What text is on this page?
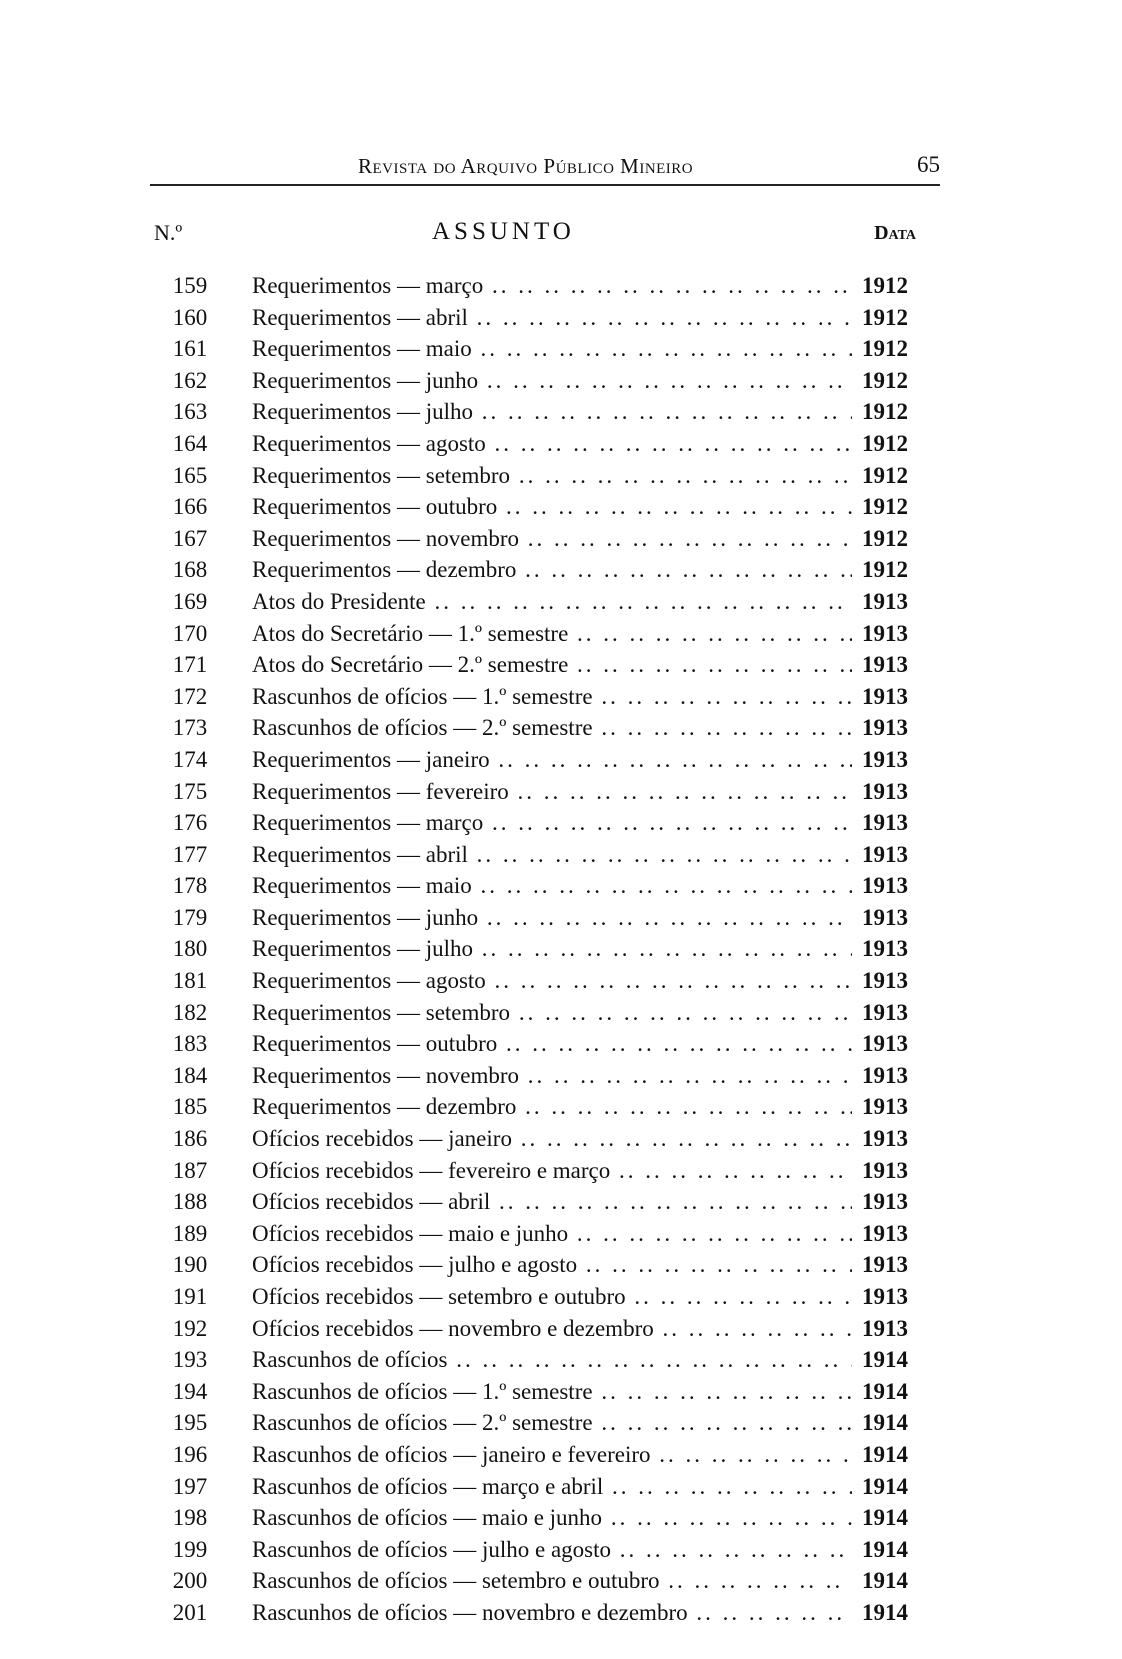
Revista do Arquivo Público Mineiro	65
N.º	ASSUNTO	Data
159 Requerimentos — março .. ..	1912
160 Requerimentos — abril .. ..	1912
161 Requerimentos — maio .. ..	1912
162 Requerimentos — junho .. ..	1912
163 Requerimentos — julho .. ..	1912
164 Requerimentos — agosto .. ..	1912
165 Requerimentos — setembro .. ..	1912
166 Requerimentos — outubro .. ..	1912
167 Requerimentos — novembro .. ..	1912
168 Requerimentos — dezembro .. ..	1912
169 Atos do Presidente .. ..	1913
170 Atos do Secretário — 1.º semestre .. ..	1913
171 Atos do Secretário — 2.º semestre .. ..	1913
172 Rascunhos de ofícios — 1.º semestre .. ..	1913
173 Rascunhos de ofícios — 2.º semestre .. ..	1913
174 Requerimentos — janeiro .. ..	1913
175 Requerimentos — fevereiro .. ..	1913
176 Requerimentos — março .. ..	1913
177 Requerimentos — abril .. ..	1913
178 Requerimentos — maio .. ..	1913
179 Requerimentos — junho .. ..	1913
180 Requerimentos — julho .. ..	1913
181 Requerimentos — agosto .. ..	1913
182 Requerimentos — setembro .. ..	1913
183 Requerimentos — outubro .. ..	1913
184 Requerimentos — novembro .. ..	1913
185 Requerimentos — dezembro .. ..	1913
186 Ofícios recebidos — janeiro .. ..	1913
187 Ofícios recebidos — fevereiro e março .. ..	1913
188 Ofícios recebidos — abril .. ..	1913
189 Ofícios recebidos — maio e junho .. ..	1913
190 Ofícios recebidos — julho e agosto .. ..	1913
191 Ofícios recebidos — setembro e outubro .. ..	1913
192 Ofícios recebidos — novembro e dezembro .. ..	1913
193 Rascunhos de ofícios .. ..	1914
194 Rascunhos de ofícios — 1.º semestre .. ..	1914
195 Rascunhos de ofícios — 2.º semestre .. ..	1914
196 Rascunhos de ofícios — janeiro e fevereiro .. ..	1914
197 Rascunhos de ofícios — março e abril .. ..	1914
198 Rascunhos de ofícios — maio e junho .. ..	1914
199 Rascunhos de ofícios — julho e agosto .. ..	1914
200 Rascunhos de ofícios — setembro e outubro .. ..	1914
201 Rascunhos de ofícios — novembro e dezembro .. ..	1914
